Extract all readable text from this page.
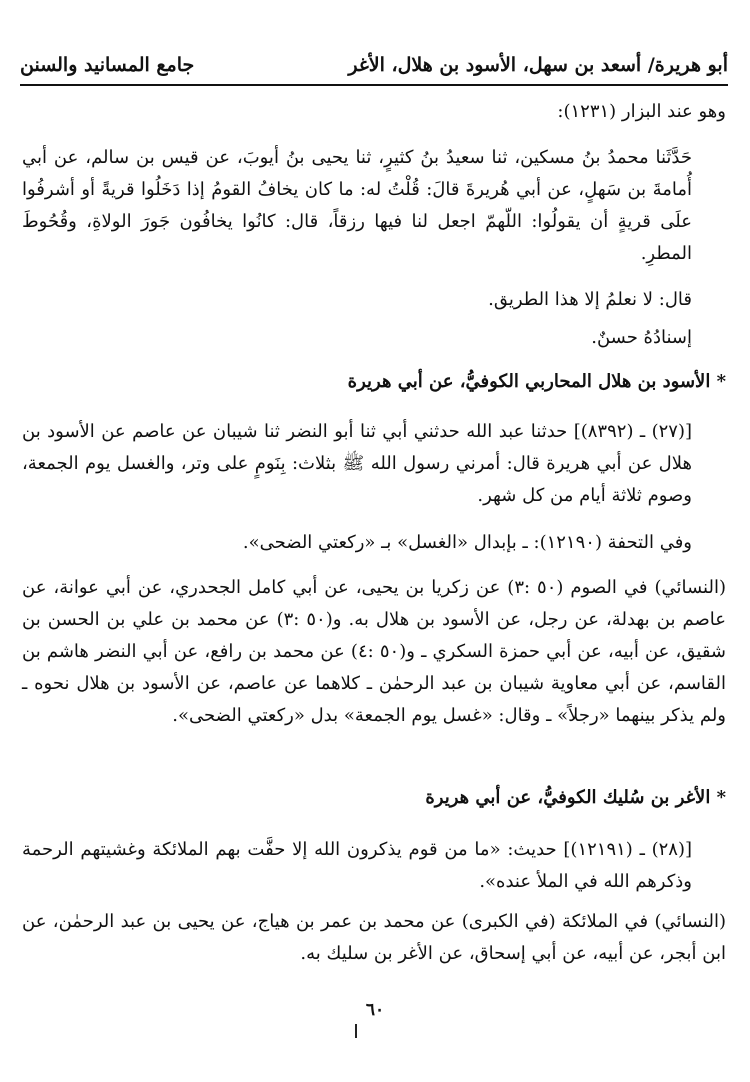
أبو هريرة/ أسعد بن سهل، الأسود بن هلال، الأغر
جامع المسانيد والسنن

وهو عند البزار (١٢٣١):

حَدَّثَنا محمدُ بنُ مسكين، ثنا سعيدُ بنُ كثيرٍ، ثنا يحيى بنُ أيوبَ، عن قيس بن سالم، عن أبي أُمامةَ بن سَهلٍ، عن أبي هُريرةَ قالَ: قُلْتُ له: ما كان يخافُ القومُ إذا دَخَلُوا قريةً أو أشرفُوا علَى قريةٍ أن يقولُوا: اللّهمّ اجعل لنا فيها رزقاً، قال: كانُوا يخافُون جَورَ الولاةِ، وقُحُوطَ المطرِ.

قال: لا نعلمُ إلا هذا الطريق.

إسنادُهُ حسنٌ.

* الأسود بن هلال المحاربي الكوفيُّ، عن أبي هريرة

[(٢٧) ـ (٨٣٩٢)] حدثنا عبد الله حدثني أبي ثنا أبو النضر ثنا شيبان عن عاصم عن الأسود بن هلال عن أبي هريرة قال: أمرني رسول الله ﷺ بثلاث: بِنَومٍ على وتر، والغسل يوم الجمعة، وصوم ثلاثة أيام من كل شهر.

وفي التحفة (١٢١٩٠): ـ بإبدال «الغسل» بـ «ركعتي الضحى».

(النسائي) في الصوم (٥٠ :٣) عن زكريا بن يحيى، عن أبي كامل الجحدري، عن أبي عوانة، عن عاصم بن بهدلة، عن رجل، عن الأسود بن هلال به. و(٥٠ :٣) عن محمد بن علي بن الحسن بن شقيق، عن أبيه، عن أبي حمزة السكري ـ و(٥٠ :٤) عن محمد بن رافع، عن أبي النضر هاشم بن القاسم، عن أبي معاوية شيبان بن عبد الرحمٰن ـ كلاهما عن عاصم، عن الأسود بن هلال نحوه ـ ولم يذكر بينهما «رجلاً» ـ وقال: «غسل يوم الجمعة» بدل «ركعتي الضحى».

* الأغر بن سُليك الكوفيُّ، عن أبي هريرة

[(٢٨) ـ (١٢١٩١)] حديث: «ما من قوم يذكرون الله إلا حفَّت بهم الملائكة وغشيتهم الرحمة وذكرهم الله في الملأ عنده».

(النسائي) في الملائكة (في الكبرى) عن محمد بن عمر بن هياج، عن يحيى بن عبد الرحمٰن، عن ابن أبجر، عن أبيه، عن أبي إسحاق، عن الأغر بن سليك به.

٦٠
